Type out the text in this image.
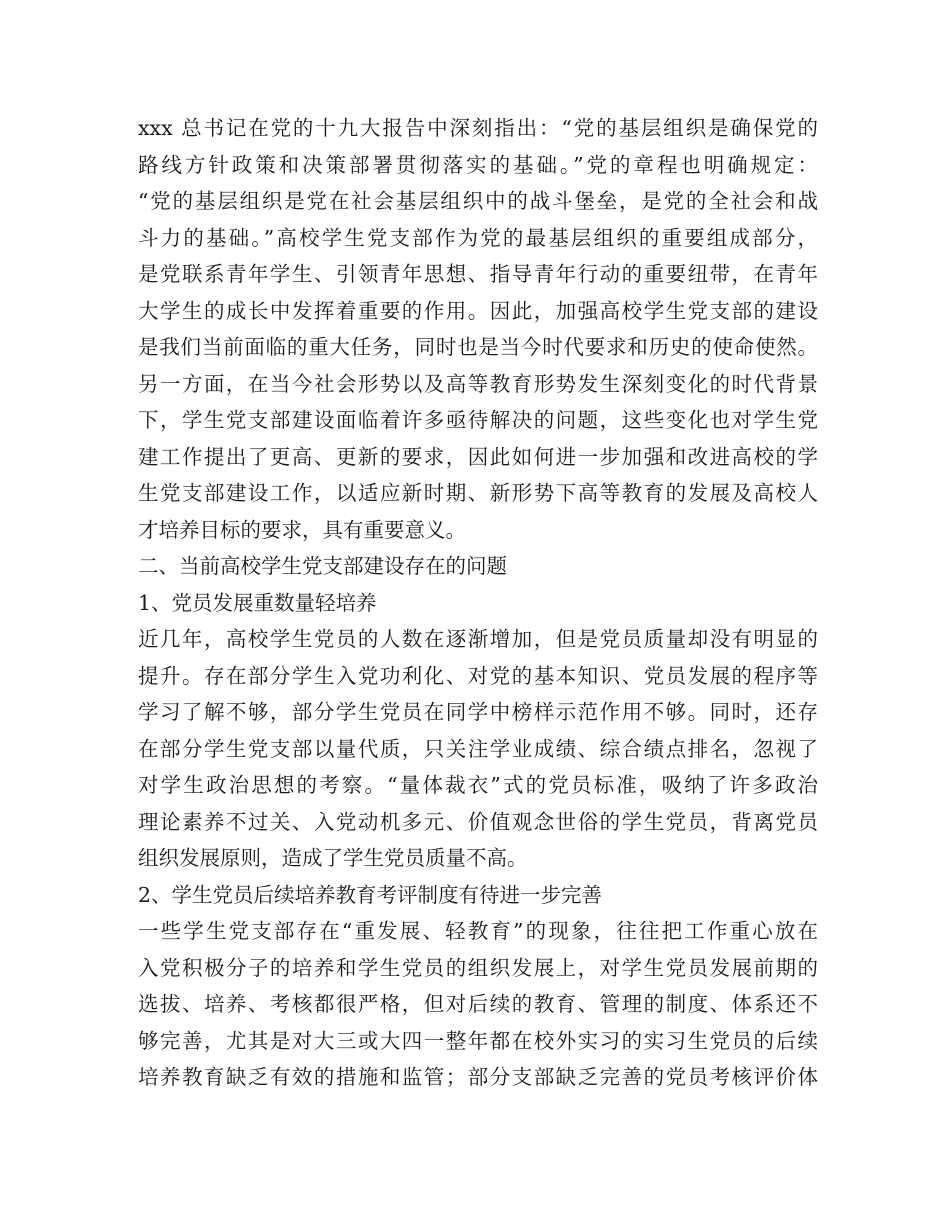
xxx 总书记在党的十九大报告中深刻指出：“党的基层组织是确保党的
路线方针政策和决策部署贯彻落实的基础。”党的章程也明确规定：
“党的基层组织是党在社会基层组织中的战斗堡垒，是党的全社会和战
斗力的基础。”高校学生党支部作为党的最基层组织的重要组成部分，
是党联系青年学生、引领青年思想、指导青年行动的重要纽带，在青年
大学生的成长中发挥着重要的作用。因此，加强高校学生党支部的建设
是我们当前面临的重大任务，同时也是当今时代要求和历史的使命使然。
另一方面，在当今社会形势以及高等教育形势发生深刻变化的时代背景
下，学生党支部建设面临着许多亟待解决的问题，这些变化也对学生党
建工作提出了更高、更新的要求，因此如何进一步加强和改进高校的学
生党支部建设工作，以适应新时期、新形势下高等教育的发展及高校人
才培养目标的要求，具有重要意义。
二、当前高校学生党支部建设存在的问题
1、党员发展重数量轻培养
近几年，高校学生党员的人数在逐渐增加，但是党员质量却没有明显的
提升。存在部分学生入党功利化、对党的基本知识、党员发展的程序等
学习了解不够，部分学生党员在同学中榜样示范作用不够。同时，还存
在部分学生党支部以量代质，只关注学业成绩、综合绩点排名，忽视了
对学生政治思想的考察。“量体裁衣”式的党员标准，吸纳了许多政治
理论素养不过关、入党动机多元、价值观念世俗的学生党员，背离党员
组织发展原则，造成了学生党员质量不高。
2、学生党员后续培养教育考评制度有待进一步完善
一些学生党支部存在“重发展、轻教育”的现象，往往把工作重心放在
入党积极分子的培养和学生党员的组织发展上，对学生党员发展前期的
选拔、培养、考核都很严格，但对后续的教育、管理的制度、体系还不
够完善，尤其是对大三或大四一整年都在校外实习的实习生党员的后续
培养教育缺乏有效的措施和监管；部分支部缺乏完善的党员考核评价体
